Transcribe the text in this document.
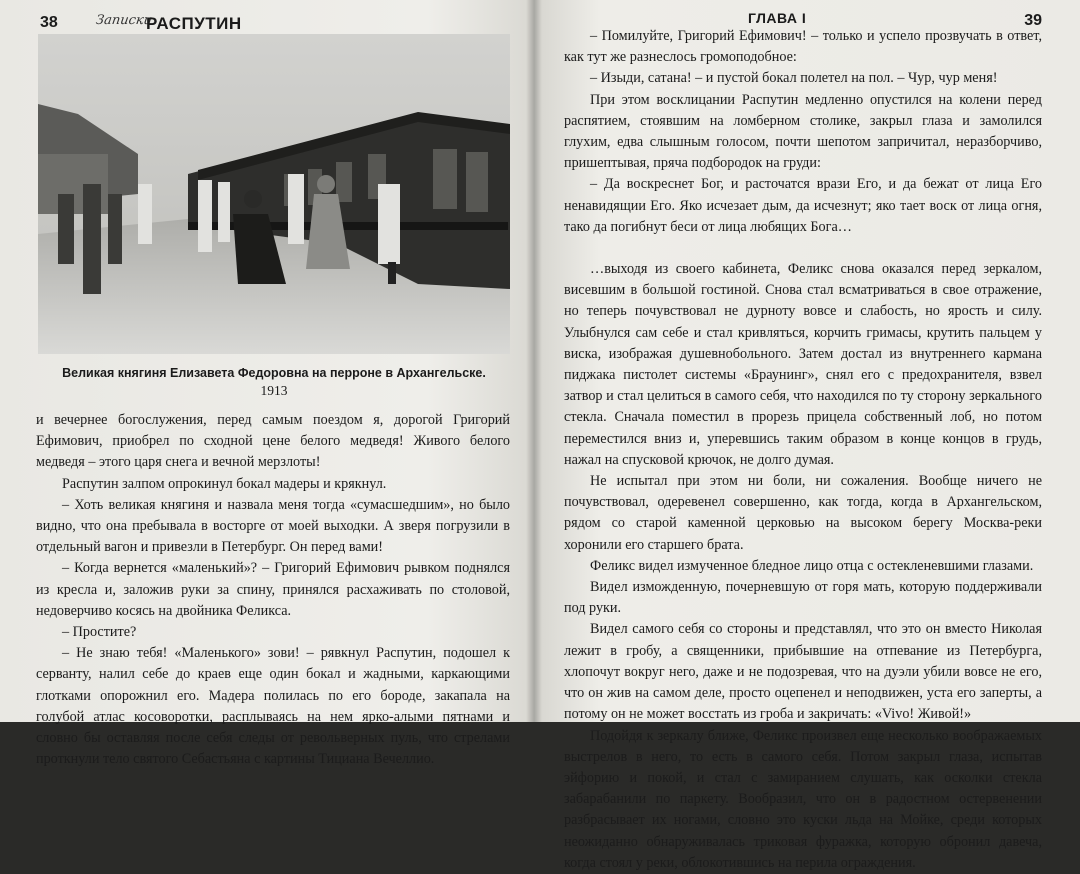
38	Записки
РАСПУТИН
Великая княгиня Елизавета Федоровна на перроне в Архангельске.
1913

и вечернее богослужения, перед самым поездом я, дорогой Григорий Ефимович, приобрел по сходной цене белого медведя! Живого белого медведя – этого царя снега и вечной мерзлоты!

Распутин залпом опрокинул бокал мадеры и крякнул.

– Хоть великая княгиня и назвала меня тогда «сумасшедшим», но было видно, что она пребывала в восторге от моей выходки. А зверя погрузили в отдельный вагон и привезли в Петербург. Он перед вами!

– Когда вернется «маленький»? – Григорий Ефимович рывком поднялся из кресла и, заложив руки за спину, принялся расхаживать по столовой, недоверчиво косясь на двойника Феликса.

– Простите?

– Не знаю тебя! «Маленького» зови! – рявкнул Распутин, подошел к серванту, налил себе до краев еще один бокал и жадными, каркающими глотками опорожнил его. Мадера полилась по его бороде, закапала на голубой атлас косоворотки, расплываясь на нем ярко-алыми пятнами и словно бы оставляя после себя следы от револьверных пуль, что стрелами проткнули тело святого Себастьяна с картины Тициана Вечеллио.

ГЛАВА I	39

– Помилуйте, Григорий Ефимович! – только и успело прозвучать в ответ, как тут же разнеслось громоподобное:

– Изыди, сатана! – и пустой бокал полетел на пол. – Чур, чур меня!

При этом восклицании Распутин медленно опустился на колени перед распятием, стоявшим на ломберном столике, закрыл глаза и замолился глухим, едва слышным голосом, почти шепотом запричитал, неразборчиво, пришептывая, пряча подбородок на груди:

– Да воскреснет Бог, и расточатся врази Его, и да бежат от лица Его ненавидящии Его. Яко исчезает дым, да исчезнут; яко тает воск от лица огня, тако да погибнут беси от лица любящих Бога…

…выходя из своего кабинета, Феликс снова оказался перед зеркалом, висевшим в большой гостиной. Снова стал всматриваться в свое отражение, но теперь почувствовал не дурноту вовсе и слабость, но ярость и силу. Улыбнулся сам себе и стал кривляться, корчить гримасы, крутить пальцем у виска, изображая душевнобольного. Затем достал из внутреннего кармана пиджака пистолет системы «Браунинг», снял его с предохранителя, взвел затвор и стал целиться в самого себя, что находился по ту сторону зеркального стекла. Сначала поместил в прорезь прицела собственный лоб, но потом переместился вниз и, уперевшись таким образом в конце концов в грудь, нажал на спусковой крючок, не долго думая.

Не испытал при этом ни боли, ни сожаления. Вообще ничего не почувствовал, одеревенел совершенно, как тогда, когда в Архангельском, рядом со старой каменной церковью на высоком берегу Москва-реки хоронили его старшего брата.

Феликс видел измученное бледное лицо отца с остекленевшими глазами.

Видел изможденную, почерневшую от горя мать, которую поддерживали под руки.

Видел самого себя со стороны и представлял, что это он вместо Николая лежит в гробу, а священники, прибывшие на отпевание из Петербурга, хлопочут вокруг него, даже и не подозревая, что на дуэли убили вовсе не его, что он жив на самом деле, просто оцепенел и неподвижен, уста его заперты, а потому он не может восстать из гроба и закричать: «Vivo! Живой!»

Подойдя к зеркалу ближе, Феликс произвел еще несколько воображаемых выстрелов в него, то есть в самого себя. Потом закрыл глаза, испытав эйфорию и покой, и стал с замиранием слушать, как осколки стекла забарабанили по паркету. Вообразил, что он в радостном остервенении разбрасывает их ногами, словно это куски льда на Мойке, среди которых неожиданно обнаруживалась триковая фуражка, которую обронил давеча, когда стоял у реки, облокотившись на перила ограждения.
